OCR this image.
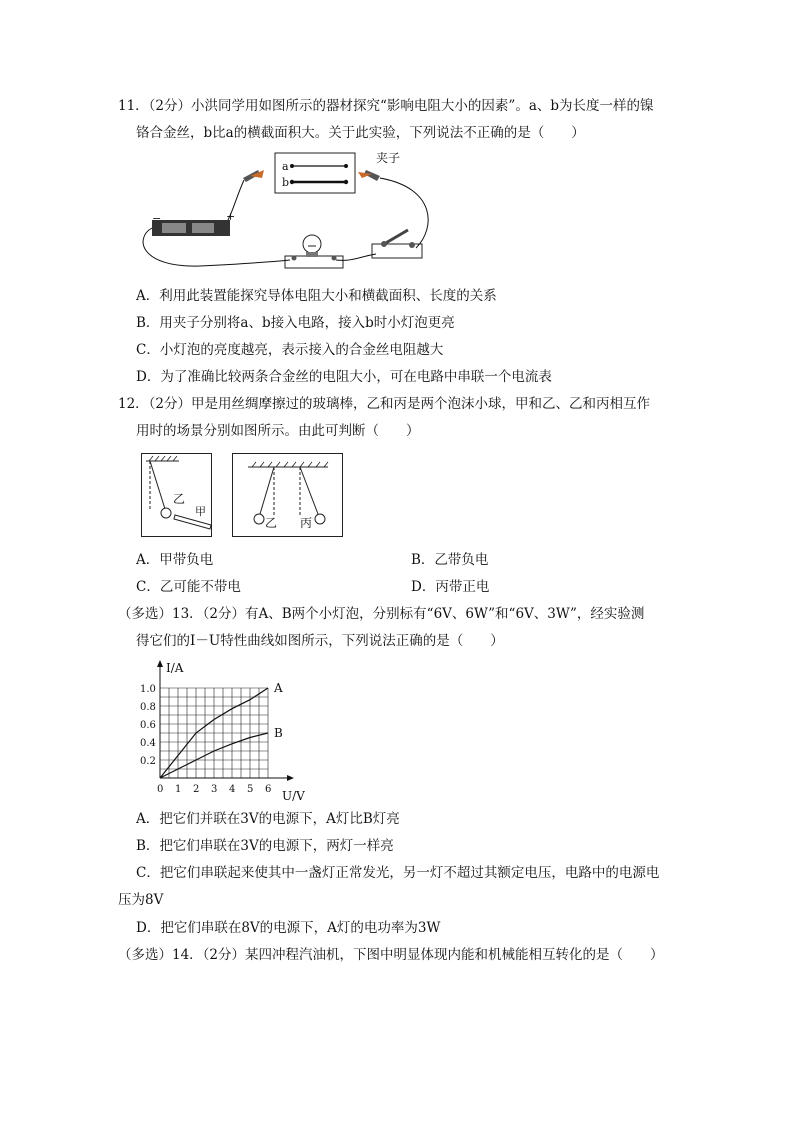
11．（2分）小洪同学用如图所示的器材探究“影响电阻大小的因素”。a、b为长度一样的镍
铬合金丝，b比a的横截面积大。关于此实验，下列说法不正确的是（　　）
a
b
夹子
−	+
A．利用此装置能探究导体电阻大小和横截面积、长度的关系
B．用夹子分别将a、b接入电路，接入b时小灯泡更亮
C．小灯泡的亮度越亮，表示接入的合金丝电阻越大
D．为了准确比较两条合金丝的电阻大小，可在电路中串联一个电流表
12．（2分）甲是用丝绸摩擦过的玻璃棒，乙和丙是两个泡沫小球，甲和乙、乙和丙相互作
用时的场景分别如图所示。由此可判断（　　）
乙
甲
乙 丙
A．甲带负电	B．乙带负电
C．乙可能不带电	D．丙带正电
（多选）13．（2分）有A、B两个小灯泡，分别标有“6V、6W”和“6V、3W”，经实验测
得它们的I－U特性曲线如图所示，下列说法正确的是（　　）
0 1 2 3 4 5 6
0.2
0.4
0.6
0.8
1.0
I/A
U/V
A
B
A．把它们并联在3V的电源下，A灯比B灯亮
B．把它们串联在3V的电源下，两灯一样亮
C．把它们串联起来使其中一盏灯正常发光，另一灯不超过其额定电压，电路中的电源电
压为8V
D．把它们串联在8V的电源下，A灯的电功率为3W
（多选）14．（2分）某四冲程汽油机，下图中明显体现内能和机械能相互转化的是（　　）
